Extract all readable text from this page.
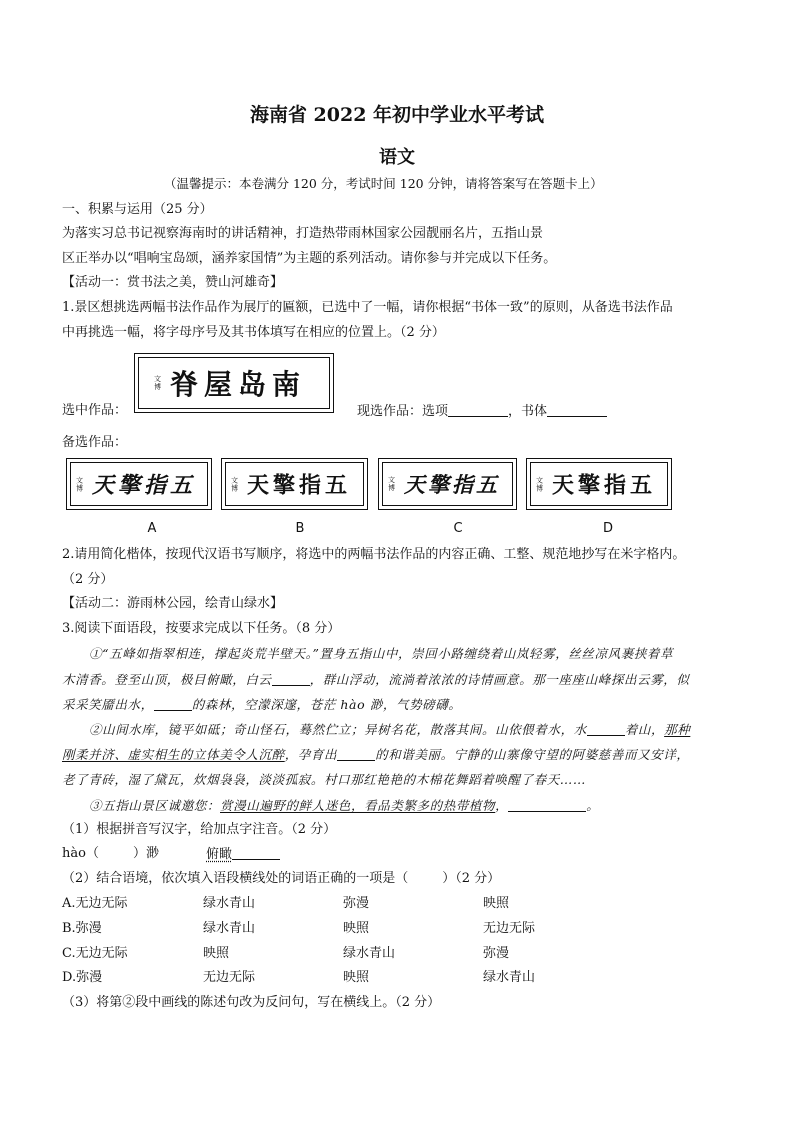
海南省 2022 年初中学业水平考试
语文
（温馨提示：本卷满分 120 分，考试时间 120 分钟，请将答案写在答题卡上）
一、积累与运用（25 分）
为落实习总书记视察海南时的讲话精神，打造热带雨林国家公园靓丽名片，五指山景
区正举办以“唱响宝岛颂，涵养家国情”为主题的系列活动。请你参与并完成以下任务。
【活动一：赏书法之美，赞山河雄奇】
1.景区想挑选两幅书法作品作为展厅的匾额，已选中了一幅，请你根据“书体一致”的原则，从备选书法作品
中再挑选一幅，将字母序号及其书体填写在相应的位置上。（2 分）
选中作品：
文博 南岛屋脊
现选作品：选项	，书体
备选作品：
文博 五指擎天	文博 五指擎天	文博 五指擎天	文博 五指擎天
A	B	C	D
2.请用简化楷体，按现代汉语书写顺序，将选中的两幅书法作品的内容正确、工整、规范地抄写在米字格内。
（2 分）
【活动二：游雨林公园，绘青山绿水】
3.阅读下面语段，按要求完成以下任务。（8 分）
①“五峰如指翠相连，撑起炎荒半壁天。”置身五指山中，崇回小路缠绕着山岚轻雾，丝丝凉风裹挟着草
木清香。登至山顶，极目俯瞰，白云	，群山浮动，流淌着浓浓的诗情画意。那一座座山峰探出云雾，似
采采笑靥出水，	的森林，空濛深邃，苍茫 hào 渺，气势磅礴。
②山间水库，镜平如砥；奇山怪石，蓦然伫立；异树名花，散落其间。山依偎着水，水	着山，那种
刚柔并济、虚实相生的立体美令人沉醉，孕育出	的和谐美丽。宁静的山寨像守望的阿婆慈善而又安详，
老了青砖，湿了黛瓦，炊烟袅袅，淡淡孤寂。村口那红艳艳的木棉花舞蹈着唤醒了春天……
③五指山景区诚邀您：赏漫山遍野的鲜人迷色，看品类繁多的热带植物，	。
（1）根据拼音写汉字，给加点字注音。（2 分）
hào（	）渺	俯瞰
（2）结合语境，依次填入语段横线处的词语正确的一项是（	）（2 分）
A.无边无际	绿水青山	弥漫	映照
B.弥漫	绿水青山	映照	无边无际
C.无边无际	映照	绿水青山	弥漫
D.弥漫	无边无际	映照	绿水青山
（3）将第②段中画线的陈述句改为反问句，写在横线上。（2 分）
